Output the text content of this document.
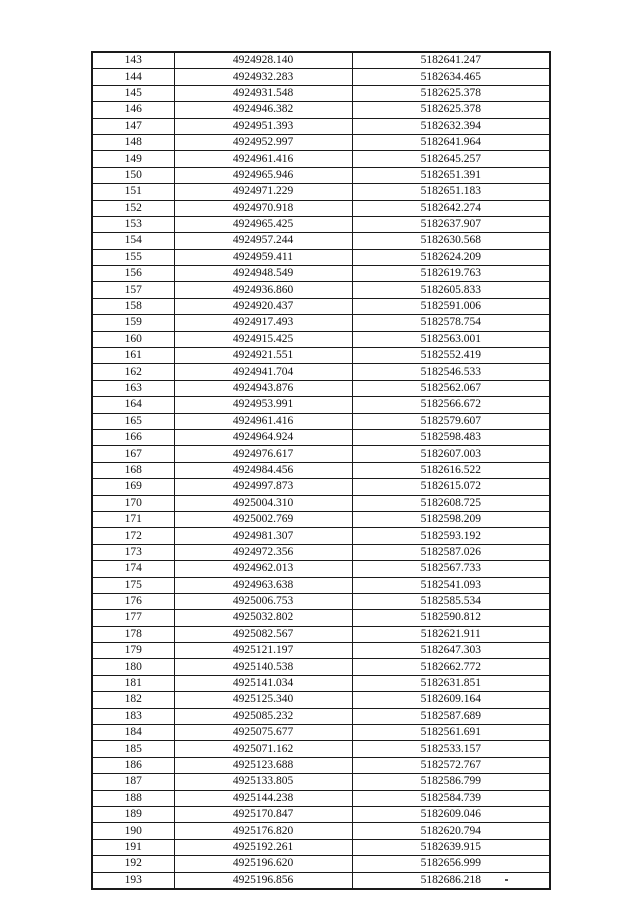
143	4924928.140	5182641.247
144	4924932.283	5182634.465
145	4924931.548	5182625.378
146	4924946.382	5182625.378
147	4924951.393	5182632.394
148	4924952.997	5182641.964
149	4924961.416	5182645.257
150	4924965.946	5182651.391
151	4924971.229	5182651.183
152	4924970.918	5182642.274
153	4924965.425	5182637.907
154	4924957.244	5182630.568
155	4924959.411	5182624.209
156	4924948.549	5182619.763
157	4924936.860	5182605.833
158	4924920.437	5182591.006
159	4924917.493	5182578.754
160	4924915.425	5182563.001
161	4924921.551	5182552.419
162	4924941.704	5182546.533
163	4924943.876	5182562.067
164	4924953.991	5182566.672
165	4924961.416	5182579.607
166	4924964.924	5182598.483
167	4924976.617	5182607.003
168	4924984.456	5182616.522
169	4924997.873	5182615.072
170	4925004.310	5182608.725
171	4925002.769	5182598.209
172	4924981.307	5182593.192
173	4924972.356	5182587.026
174	4924962.013	5182567.733
175	4924963.638	5182541.093
176	4925006.753	5182585.534
177	4925032.802	5182590.812
178	4925082.567	5182621.911
179	4925121.197	5182647.303
180	4925140.538	5182662.772
181	4925141.034	5182631.851
182	4925125.340	5182609.164
183	4925085.232	5182587.689
184	4925075.677	5182561.691
185	4925071.162	5182533.157
186	4925123.688	5182572.767
187	4925133.805	5182586.799
188	4925144.238	5182584.739
189	4925170.847	5182609.046
190	4925176.820	5182620.794
191	4925192.261	5182639.915
192	4925196.620	5182656.999
193	4925196.856	5182686.218
